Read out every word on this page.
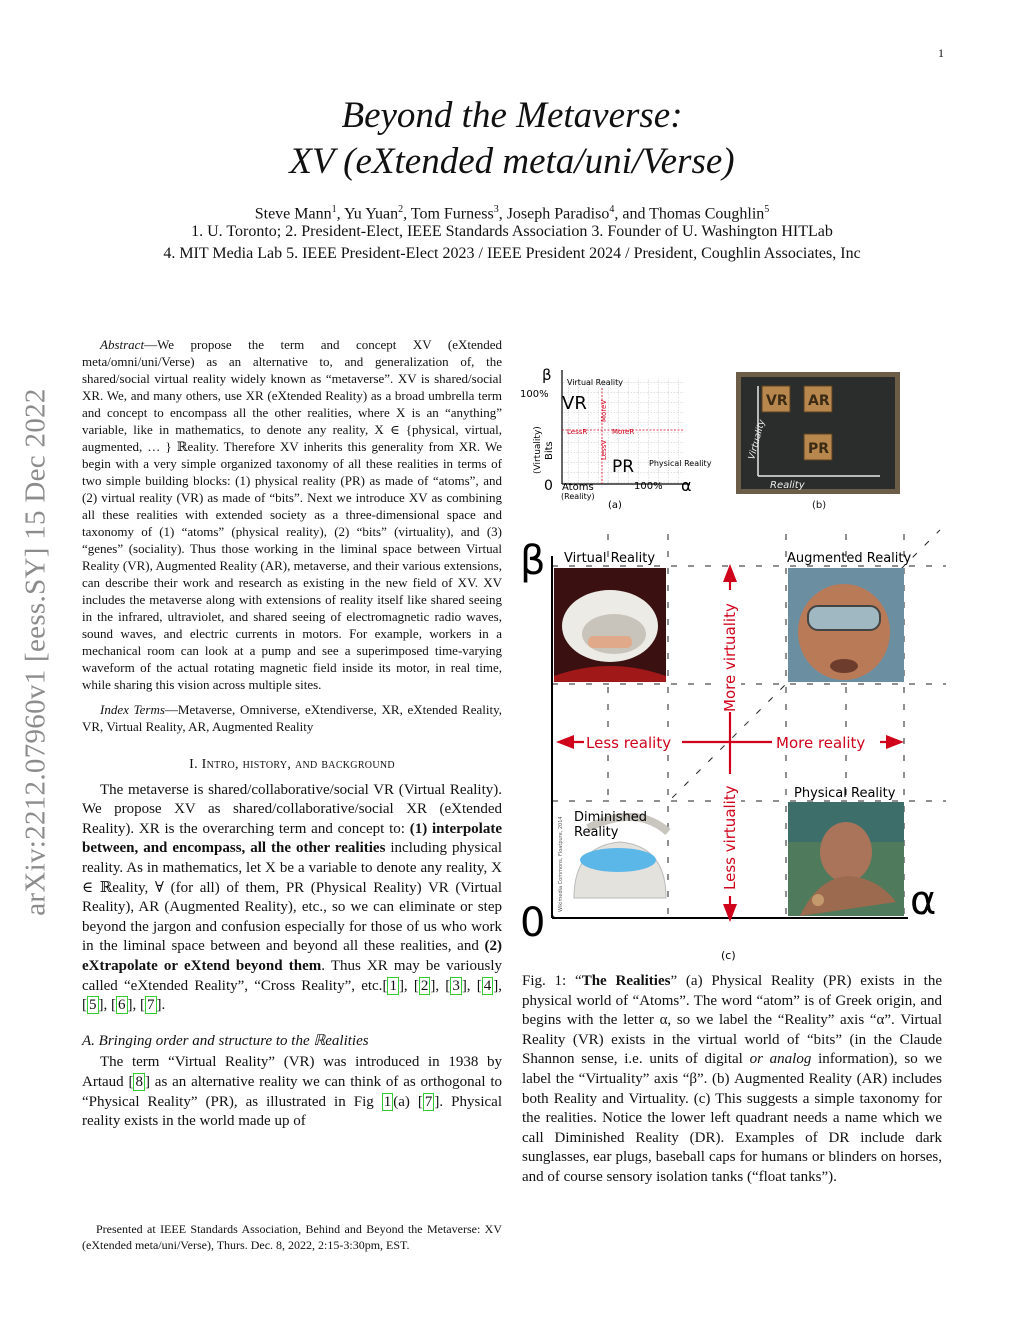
1
Beyond the Metaverse:
XV (eXtended meta/uni/Verse)
Steve Mann$^1$, Yu Yuan$^2$, Tom Furness$^3$, Joseph Paradiso$^4$, and Thomas Coughlin$^5$
1. U. Toronto; 2. President-Elect, IEEE Standards Association 3. Founder of U. Washington HITLab
4. MIT Media Lab 5. IEEE President-Elect 2023 / IEEE President 2024 / President, Coughlin Associates, Inc
arXiv:2212.07960v1 [eess.SY] 15 Dec 2022
Abstract—We propose the term and concept XV (eXtended meta/omni/uni/Verse) as an alternative to, and generalization of, the shared/social virtual reality widely known as “metaverse”. XV is shared/social XR. We, and many others, use XR (eXtended Reality) as a broad umbrella term and concept to encompass all the other realities, where X is an “anything” variable, like in mathematics, to denote any reality, X ∈ {physical, virtual, augmented, … } ℝeality. Therefore XV inherits this generality from XR. We begin with a very simple organized taxonomy of all these realities in terms of two simple building blocks: (1) physical reality (PR) as made of “atoms”, and (2) virtual reality (VR) as made of “bits”. Next we introduce XV as combining all these realities with extended society as a three-dimensional space and taxonomy of (1) “atoms” (physical reality), (2) “bits” (virtuality), and (3) “genes” (sociality). Thus those working in the liminal space between Virtual Reality (VR), Augmented Reality (AR), metaverse, and their various extensions, can describe their work and research as existing in the new field of XV. XV includes the metaverse along with extensions of reality itself like shared seeing in the infrared, ultraviolet, and shared seeing of electromagnetic radio waves, sound waves, and electric currents in motors. For example, workers in a mechanical room can look at a pump and see a superimposed time-varying waveform of the actual rotating magnetic field inside its motor, in real time, while sharing this vision across multiple sites.
Index Terms—Metaverse, Omniverse, eXtendiverse, XR, eXtended Reality, VR, Virtual Reality, AR, Augmented Reality
I. Intro, history, and background
The metaverse is shared/collaborative/social VR (Virtual Reality). We propose XV as shared/collaborative/social XR (eXtended Reality). XR is the overarching term and concept to: (1) interpolate between, and encompass, all the other realities including physical reality. As in mathematics, let X be a variable to denote any reality, X ∈ ℝeality, ∀ (for all) of them, PR (Physical Reality) VR (Virtual Reality), AR (Augmented Reality), etc., so we can eliminate or step beyond the jargon and confusion especially for those of us who work in the liminal space between and beyond all these realities, and (2) eXtrapolate or eXtend beyond them. Thus XR may be variously called “eXtended Reality”, “Cross Reality”, etc.[ 1 ], [ 2 ], [ 3 ], [ 4 ], [ 5 ], [ 6 ], [ 7 ].
A. Bringing order and structure to the ℝealities
The term “Virtual Reality” (VR) was introduced in 1938 by Artaud [ 8 ] as an alternative reality we can think of as orthogonal to “Physical Reality” (PR), as illustrated in Fig 1 (a) [ 7 ]. Physical reality exists in the world made up of
Presented at IEEE Standards Association, Behind and Beyond the Metaverse: XV (eXtended meta/uni/Verse), Thurs. Dec. 8, 2022, 2:15-3:30pm, EST.
β
100%
Virtual Reality
VR
PR Physical Reality
LessR	MoreR
LessV
MoreV
(Virtuality) Bits
0 Atoms
(Reality)
100% α
(a)
VR AR
PR
Virtuality
Reality
(b)
Less reality	More reality
More virtuality
Less virtuality
β
α
0
Virtual Reality	Augmented Reality
Physical Reality
Diminished
Reality
Wikimedia Commons, Floatpure, 2014
(c)
Fig. 1: “The Realities” (a) Physical Reality (PR) exists in the physical world of “Atoms”. The word “atom” is of Greek origin, and begins with the letter α, so we label the “Reality” axis “α”. Virtual Reality (VR) exists in the virtual world of “bits” (in the Claude Shannon sense, i.e. units of digital or analog information), so we label the “Virtuality” axis “β”. (b) Augmented Reality (AR) includes both Reality and Virtuality. (c) This suggests a simple taxonomy for the realities. Notice the lower left quadrant needs a name which we call Diminished Reality (DR). Examples of DR include dark sunglasses, ear plugs, baseball caps for humans or blinders on horses, and of course sensory isolation tanks (“float tanks”).
